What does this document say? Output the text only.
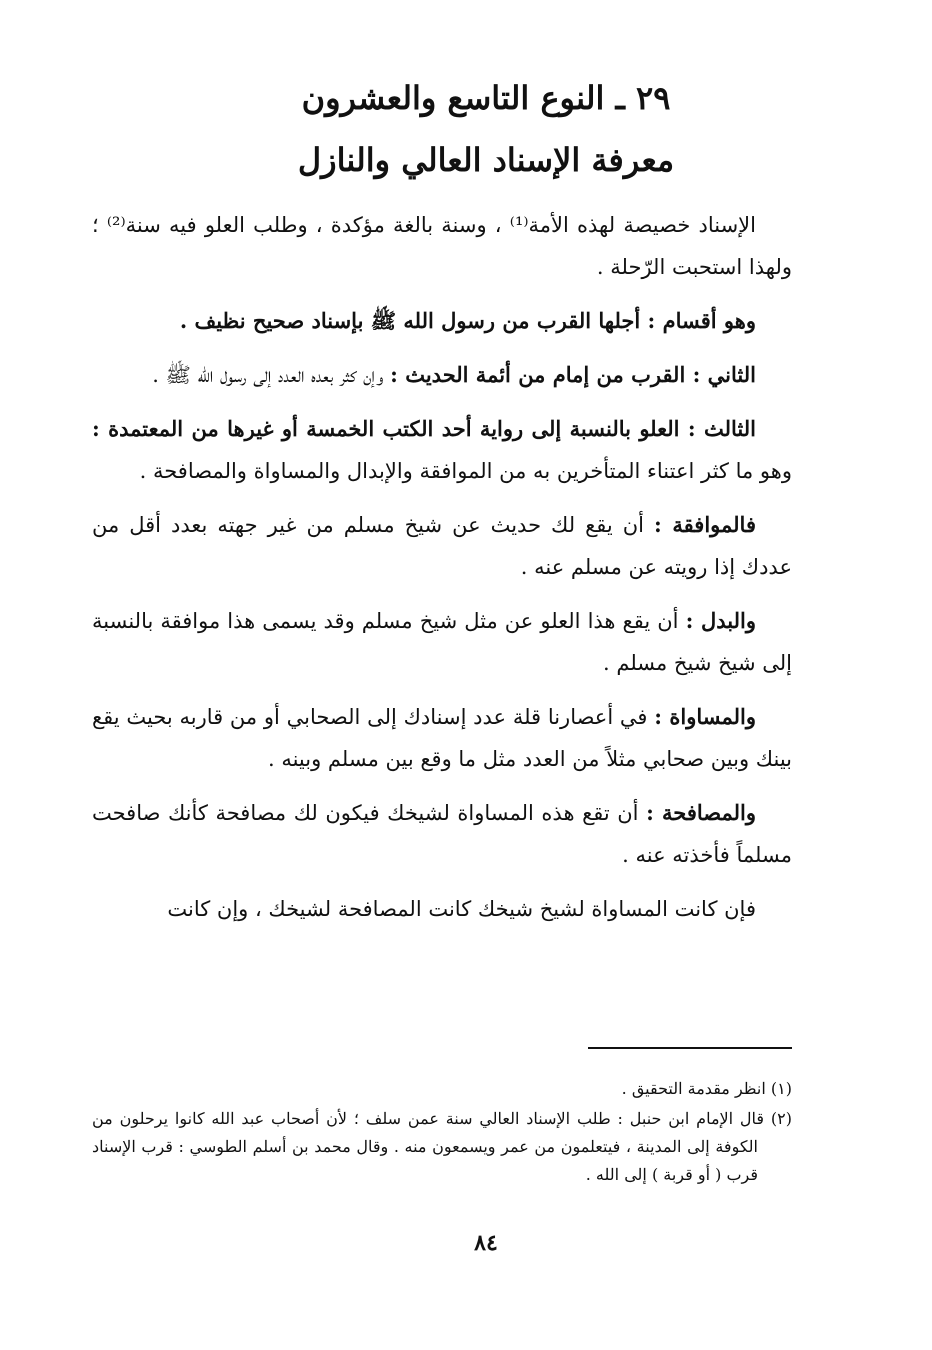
٢٩ ـ النوع التاسع والعشرون
معرفة الإسناد العالي والنازل

الإسناد خصيصة لهذه الأمة⁽¹⁾ ، وسنة بالغة مؤكدة ، وطلب العلو فيه سنة⁽²⁾ ؛ ولهذا استحبت الرّحلة .

وهو أقسام : أجلها القرب من رسول الله ﷺ بإسناد صحيح نظيف .

الثاني : القرب من إمام من أئمة الحديث : وإن كثر بعده العدد إلى رسول الله ﷺ .

الثالث : العلو بالنسبة إلى رواية أحد الكتب الخمسة أو غيرها من المعتمدة : وهو ما كثر اعتناء المتأخرين به من الموافقة والإبدال والمساواة والمصافحة .

فالموافقة : أن يقع لك حديث عن شيخ مسلم من غير جهته بعدد أقل من عددك إذا رويته عن مسلم عنه .

والبدل : أن يقع هذا العلو عن مثل شيخ مسلم وقد يسمى هذا موافقة بالنسبة إلى شيخ شيخ مسلم .

والمساواة : في أعصارنا قلة عدد إسنادك إلى الصحابي أو من قاربه بحيث يقع بينك وبين صحابي مثلاً من العدد مثل ما وقع بين مسلم وبينه .

والمصافحة : أن تقع هذه المساواة لشيخك فيكون لك مصافحة كأنك صافحت مسلماً فأخذته عنه .

فإن كانت المساواة لشيخ شيخك كانت المصافحة لشيخك ، وإن كانت

(١) انظر مقدمة التحقيق .
(٢) قال الإمام ابن حنبل : طلب الإسناد العالي سنة عمن سلف ؛ لأن أصحاب عبد الله كانوا يرحلون من الكوفة إلى المدينة ، فيتعلمون من عمر ويسمعون منه . وقال محمد بن أسلم الطوسي : قرب الإسناد قرب ( أو قربة ) إلى الله .
٨٤
